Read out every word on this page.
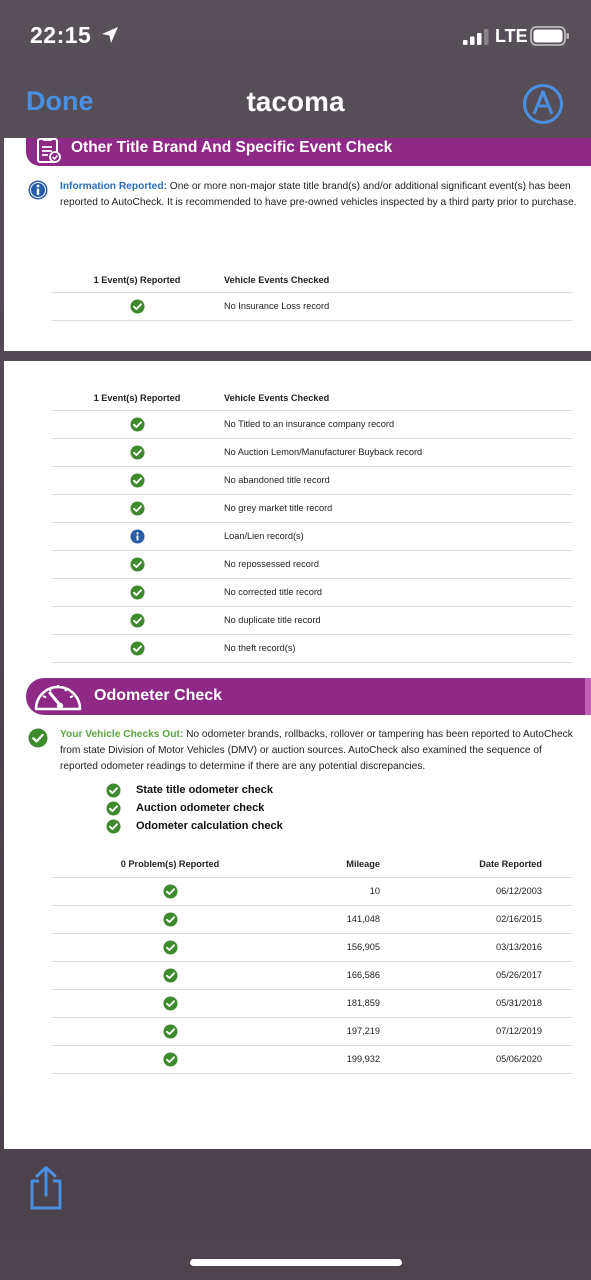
22:15	LTE
Done	tacoma
Other Title Brand And Specific Event Check
Information Reported: One or more non-major state title brand(s) and/or additional significant event(s) has been reported to AutoCheck. It is recommended to have pre-owned vehicles inspected by a third party prior to purchase.
1 Event(s) Reported	Vehicle Events Checked
	No Insurance Loss record
1 Event(s) Reported	Vehicle Events Checked
	No Titled to an insurance company record
	No Auction Lemon/Manufacturer Buyback record
	No abandoned title record
	No grey market title record
	Loan/Lien record(s)
	No repossessed record
	No corrected title record
	No duplicate title record
	No theft record(s)
Odometer Check
Your Vehicle Checks Out: No odometer brands, rollbacks, rollover or tampering has been reported to AutoCheck from state Division of Motor Vehicles (DMV) or auction sources. AutoCheck also examined the sequence of reported odometer readings to determine if there are any potential discrepancies.
State title odometer check
Auction odometer check
Odometer calculation check
0 Problem(s) Reported	Mileage	Date Reported
	10	06/12/2003
	141,048	02/16/2015
	156,905	03/13/2016
	166,586	05/26/2017
	181,859	05/31/2018
	197,219	07/12/2019
	199,932	05/06/2020
